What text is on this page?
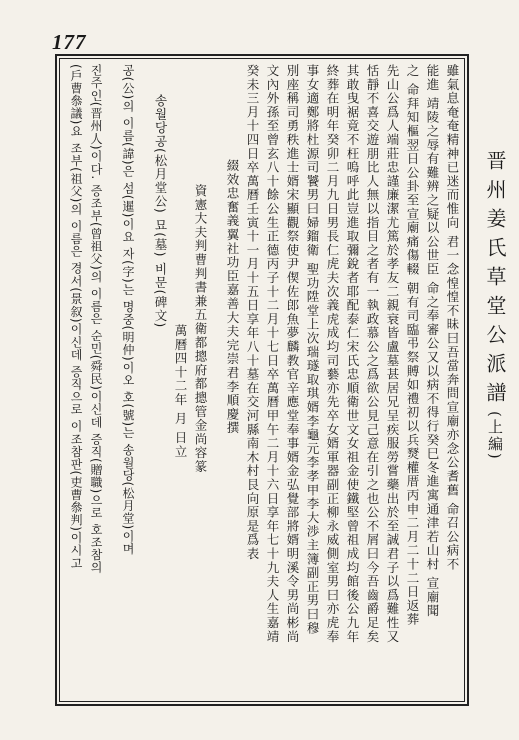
177
晋州姜氏草堂公派譜(上編)
雖氣息奄奄精神已迷而惟向 君一念惶惶不昧曰吾當奔問宣廟亦念公耆舊 命召公病不
能進 靖陵之辱有難辨之疑以公世臣 命之奉審公又以病不得行癸巳冬進寓通津若山村 宣廟聞
之 命拜知樞翌日公卦至宣廟痛傷輟 朝有司臨弔祭賻如禮初以兵燹權厝丙申二月二十二日返葬
先山公爲人端莊忠謹廉潔尤篤於孝友二親衰皆盧墓甚居兄呈疾服勞嘗藥出於至誠君子以爲難性又
恬靜不喜交遊朋比人無以指目之者有一執政慕公之爲欲公見己意在引之也公不屑曰今吾齒爵足矣
其敢曳裾竟不枉嗚呼此豈進取彌銳者耶配泰仁宋氏忠順衛世文女祖金使鐵堅曾祖成均館後公九年
終葬在明年癸卯二月九日男長仁虎夫次義虎成均司藝亦先卒女婿軍器副正柳永威側室男曰亦虎奉
事女適鄭將杜源司饕男曰婦鎦衛 聖功陞堂上次瑞璲取琪婿李龜元李孝甲李大渉主簿副正男曰穆
別座稱司勇秩進士婿宋顯觀祭使尹偰佐郎魚夢麟教官辛應堂奉事婿金弘覺部將婿明溪令男尚彬尚
文內外孫至曾玄八十餘公生正德丙子十二月十七日卒萬曆甲午二月十六日享年七十九夫人生嘉靖
癸未三月十四日卒萬曆壬寅十一月十五日享年八十墓在交河縣南木村艮向原是爲表
綴效忠奮義翼社功臣嘉善大夫完崇君李順慶撰
資憲大夫判曹判書兼五衛都摠府都摠管金尚容篆
萬曆四十二年 月 日立
송월당공(松月堂公) 묘(墓) 비문(碑文)
공(公)의 이름(諱)은 섬(暹)이요 자(字)는 명중(明仲)이오 호(號)는 송월당(松月堂)이며
진주인(晋州人)이다. 증조부(曾祖父)의 이름은 순민(舜民)이신데 증직(贈職)으로 호조참의
(戶曹叅議)요 조부(祖父)의 이름은 경서(景叙)이신데 증직으로 이조참판(吏曹叅判)이시고
